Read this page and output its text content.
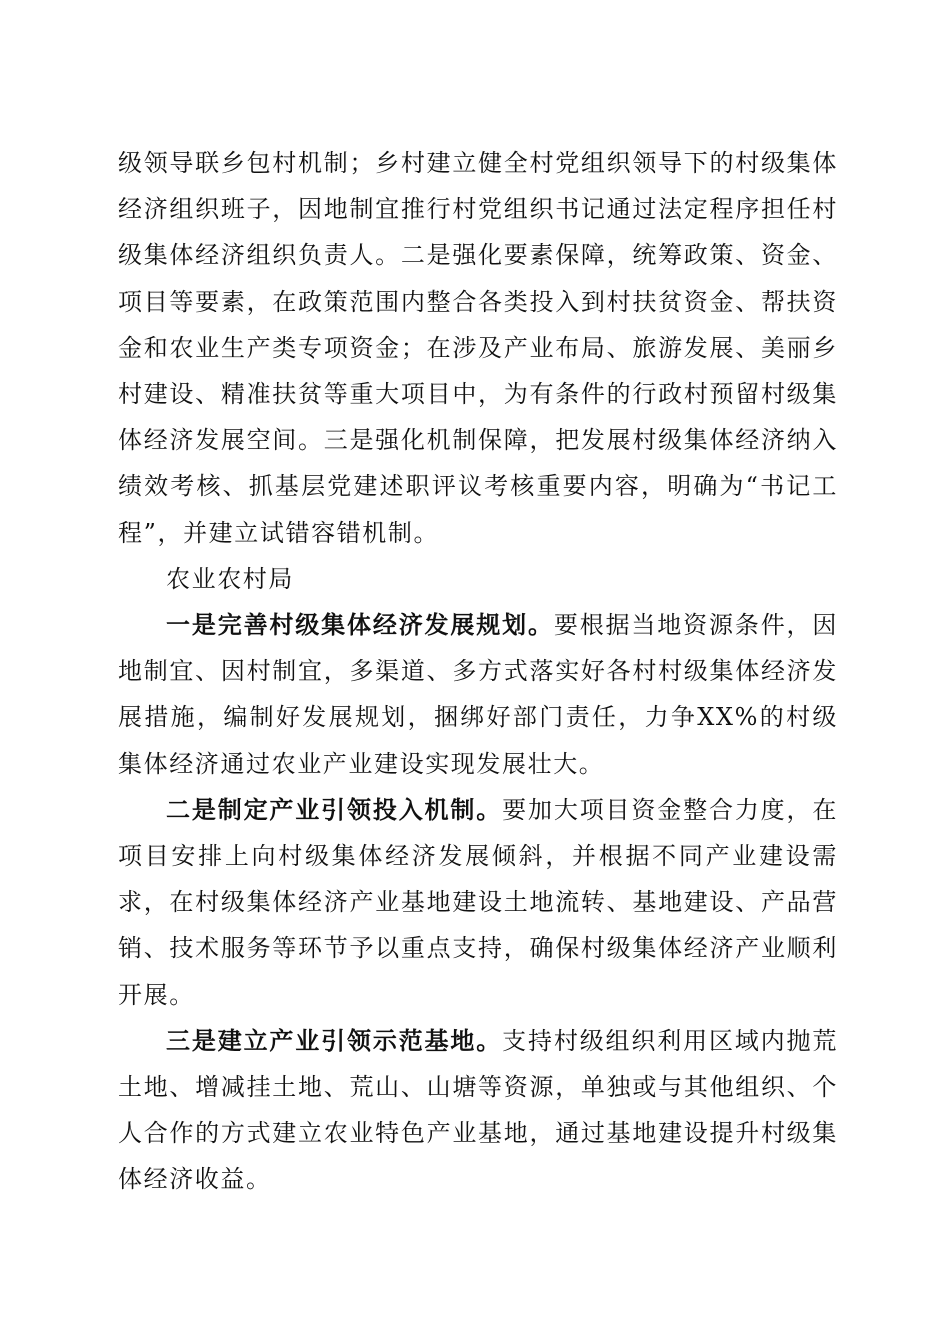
级领导联乡包村机制；乡村建立健全村党组织领导下的村级集体经济组织班子，因地制宜推行村党组织书记通过法定程序担任村级集体经济组织负责人。二是强化要素保障，统筹政策、资金、项目等要素，在政策范围内整合各类投入到村扶贫资金、帮扶资金和农业生产类专项资金；在涉及产业布局、旅游发展、美丽乡村建设、精准扶贫等重大项目中，为有条件的行政村预留村级集体经济发展空间。三是强化机制保障，把发展村级集体经济纳入绩效考核、抓基层党建述职评议考核重要内容，明确为“书记工程”，并建立试错容错机制。

农业农村局

一是完善村级集体经济发展规划。要根据当地资源条件，因地制宜、因村制宜，多渠道、多方式落实好各村村级集体经济发展措施，编制好发展规划，捆绑好部门责任，力争XX%的村级集体经济通过农业产业建设实现发展壮大。

二是制定产业引领投入机制。要加大项目资金整合力度，在项目安排上向村级集体经济发展倾斜，并根据不同产业建设需求，在村级集体经济产业基地建设土地流转、基地建设、产品营销、技术服务等环节予以重点支持，确保村级集体经济产业顺利开展。

三是建立产业引领示范基地。支持村级组织利用区域内抛荒土地、增减挂土地、荒山、山塘等资源，单独或与其他组织、个人合作的方式建立农业特色产业基地，通过基地建设提升村级集体经济收益。
